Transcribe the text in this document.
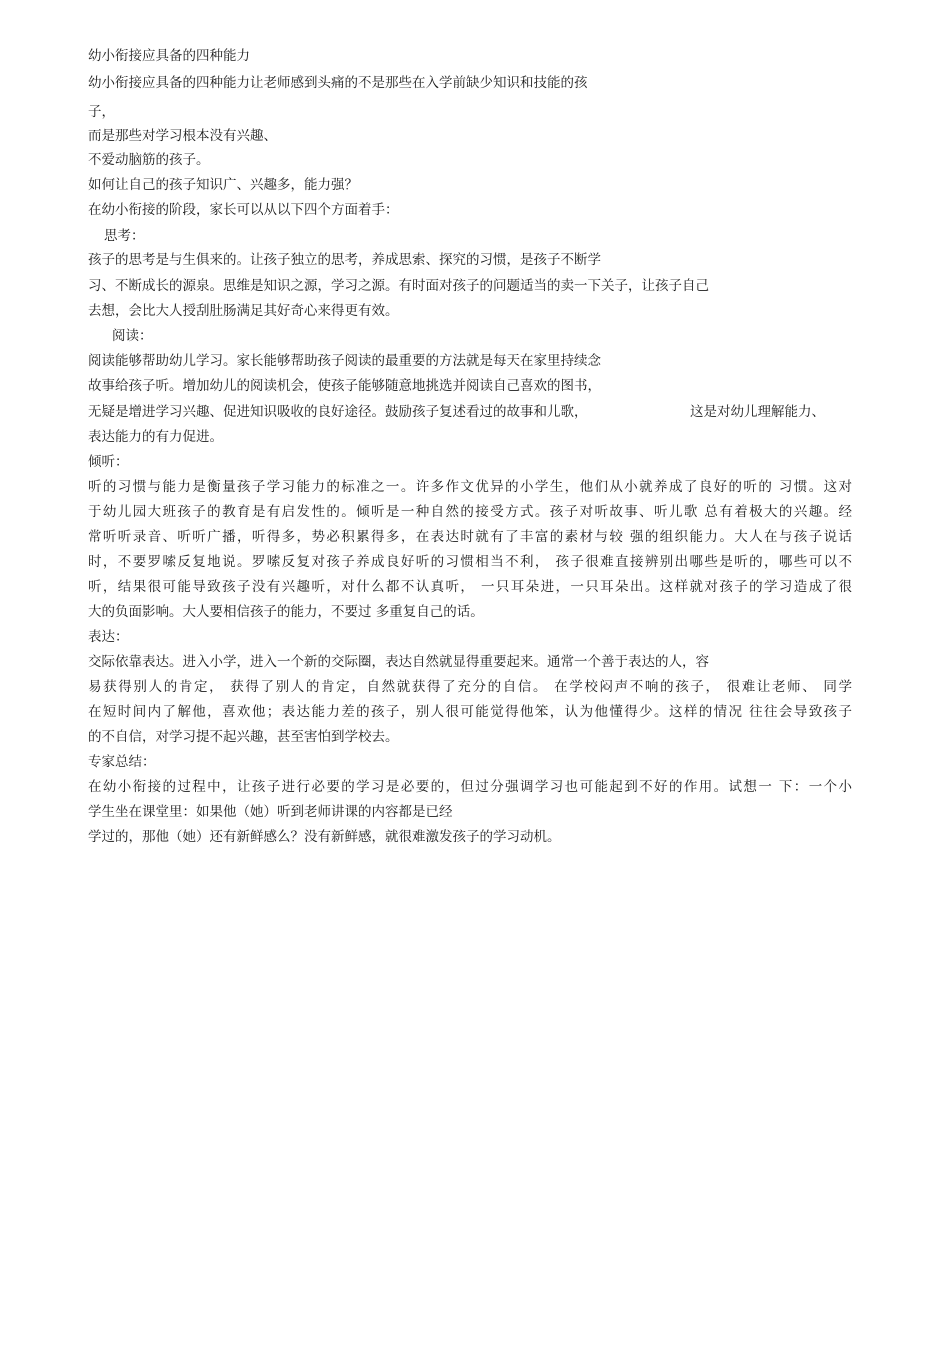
幼小衔接应具备的四种能力
幼小衔接应具备的四种能力让老师感到头痛的不是那些在入学前缺少知识和技能的孩
子，
而是那些对学习根本没有兴趣、
不爱动脑筋的孩子。
如何让自己的孩子知识广、兴趣多，能力强？
在幼小衔接的阶段，家长可以从以下四个方面着手：
思考：
孩子的思考是与生俱来的。让孩子独立的思考，养成思索、探究的习惯，是孩子不断学
习、不断成长的源泉。思维是知识之源，学习之源。有时面对孩子的问题适当的卖一下关子，让孩子自己
去想，会比大人授刮肚肠满足其好奇心来得更有效。
阅读：
阅读能够帮助幼儿学习。家长能够帮助孩子阅读的最重要的方法就是每天在家里持续念
故事给孩子听。增加幼儿的阅读机会，使孩子能够随意地挑选并阅读自己喜欢的图书，
无疑是增进学习兴趣、促进知识吸收的良好途径。鼓励孩子复述看过的故事和儿歌，	这是对幼儿理解能力、
表达能力的有力促进。
倾听：
听的习惯与能力是衡量孩子学习能力的标准之一。许多作文优异的小学生，他们从小就养成了良好的听的 习惯。这对
于幼儿园大班孩子的教育是有启发性的。倾听是一种自然的接受方式。孩子对听故事、听儿歌 总有着极大的兴趣。经
常听听录音、听听广播，听得多，势必积累得多，在表达时就有了丰富的素材与较 强的组织能力。大人在与孩子说话
时，不要罗嗦反复地说。罗嗦反复对孩子养成良好听的习惯相当不利， 孩子很难直接辨别出哪些是听的，哪些可以不
听，结果很可能导致孩子没有兴趣听，对什么都不认真听， 一只耳朵进，一只耳朵出。这样就对孩子的学习造成了很
大的负面影响。大人要相信孩子的能力，不要过 多重复自己的话。
表达：
交际依靠表达。进入小学，进入一个新的交际圈，表达自然就显得重要起来。通常一个善于表达的人，容
易获得别人的肯定， 获得了别人的肯定，自然就获得了充分的自信。 在学校闷声不响的孩子， 很难让老师、 同学
在短时间内了解他，喜欢他；表达能力差的孩子，别人很可能觉得他笨，认为他懂得少。这样的情况 往往会导致孩子
的不自信，对学习提不起兴趣，甚至害怕到学校去。
专家总结：
在幼小衔接的过程中，让孩子进行必要的学习是必要的，但过分强调学习也可能起到不好的作用。试想一 下：一个小
学生坐在课堂里：如果他（她）听到老师讲课的内容都是已经
学过的，那他（她）还有新鲜感么？没有新鲜感，就很难激发孩子的学习动机。
